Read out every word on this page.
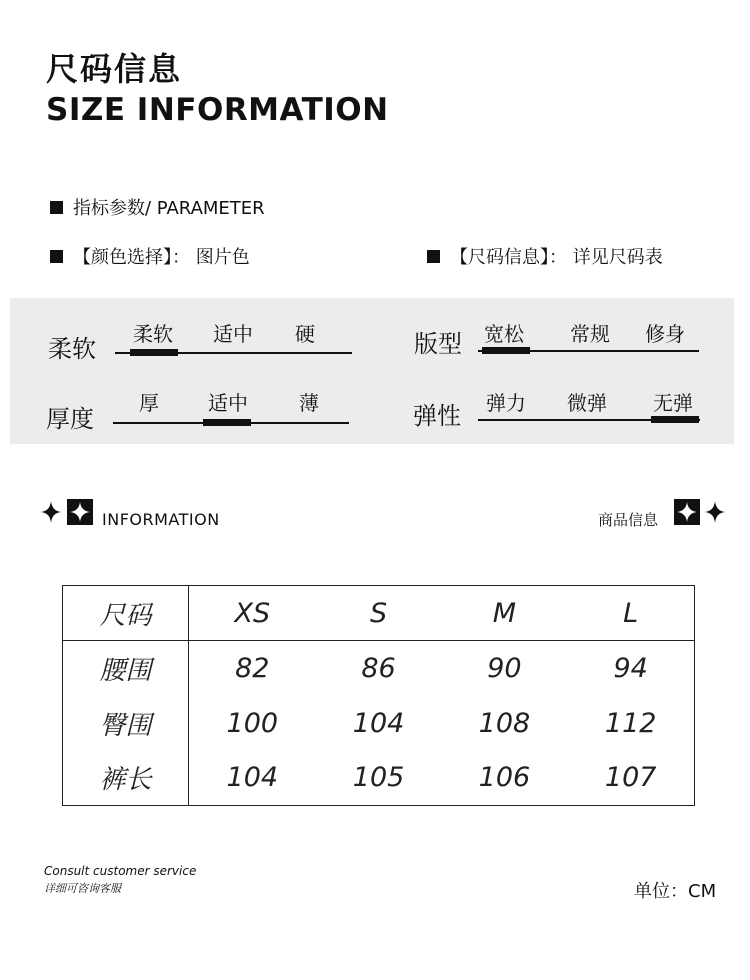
尺码信息
SIZE INFORMATION
指标参数/ PARAMETER
【颜色选择】： 图片色	【尺码信息】： 详见尺码表
柔软
柔软 适中 硬
厚度
厚 适中	薄
版型 宽松 常规 修身
弹性 弹力 微弹 无弹
INFORMATION	商品信息
尺码	XS	S	M	L
腰围	82	86	90	94
臀围	100	104	108	112
裤长	104	105	106	107
Consult customer service
详细可咨询客服	单位：CM
